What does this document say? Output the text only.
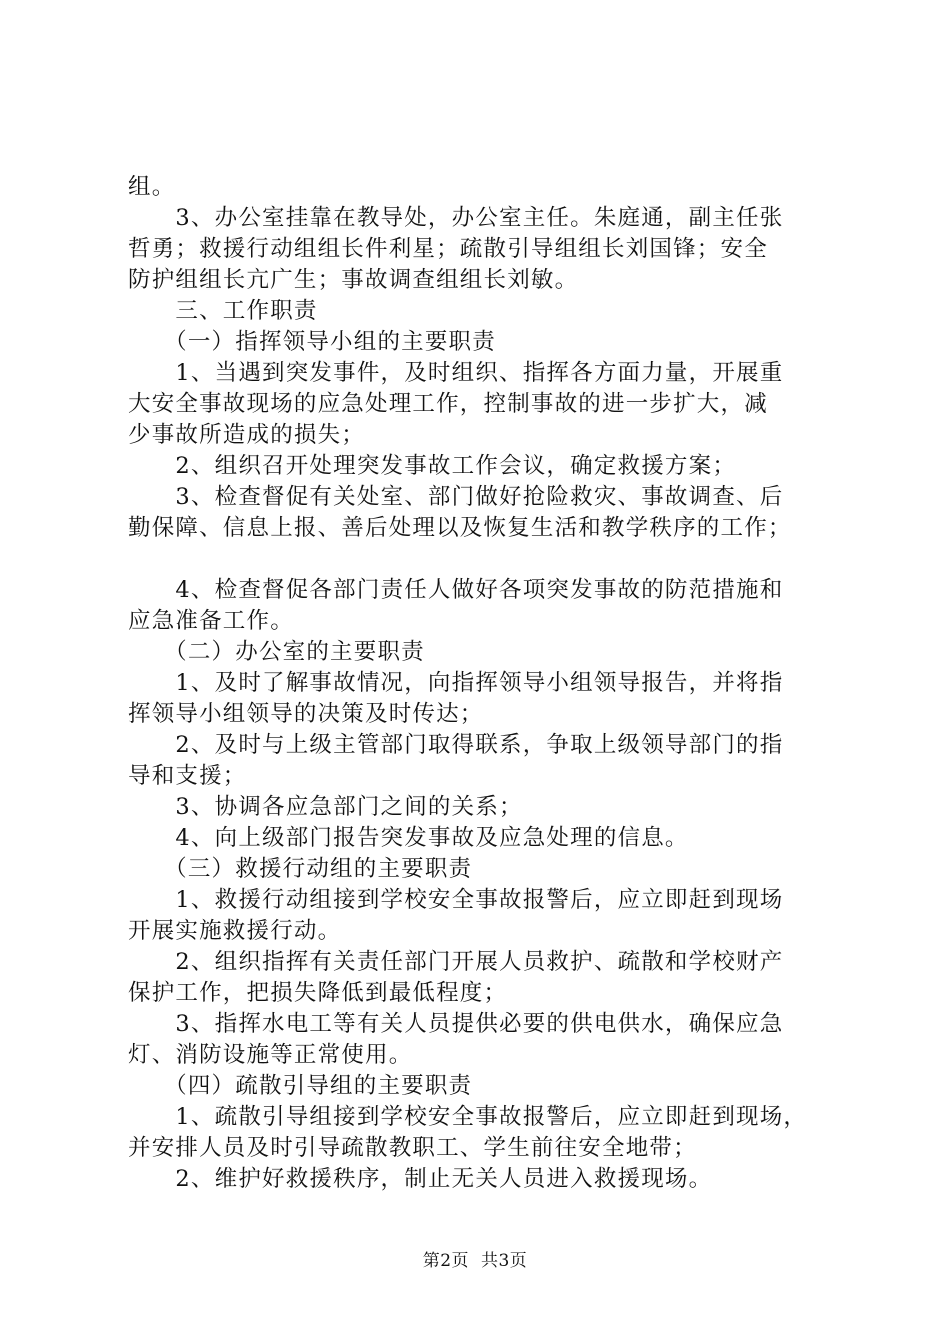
组。
　　3、办公室挂靠在教导处，办公室主任。朱庭通，副主任张
哲勇；救援行动组组长件利星；疏散引导组组长刘国锋；安全
防护组组长亢广生；事故调查组组长刘敏。
　　三、工作职责
　　（一）指挥领导小组的主要职责
　　1、当遇到突发事件，及时组织、指挥各方面力量，开展重
大安全事故现场的应急处理工作，控制事故的进一步扩大，减
少事故所造成的损失；
　　2、组织召开处理突发事故工作会议，确定救援方案；
　　3、检查督促有关处室、部门做好抢险救灾、事故调查、后
勤保障、信息上报、善后处理以及恢复生活和教学秩序的工作；
　　4、检查督促各部门责任人做好各项突发事故的防范措施和
应急准备工作。
　　（二）办公室的主要职责
　　1、及时了解事故情况，向指挥领导小组领导报告，并将指
挥领导小组领导的决策及时传达；
　　2、及时与上级主管部门取得联系，争取上级领导部门的指
导和支援；
　　3、协调各应急部门之间的关系；
　　4、向上级部门报告突发事故及应急处理的信息。
　　（三）救援行动组的主要职责
　　1、救援行动组接到学校安全事故报警后，应立即赶到现场
开展实施救援行动。
　　2、组织指挥有关责任部门开展人员救护、疏散和学校财产
保护工作，把损失降低到最低程度；
　　3、指挥水电工等有关人员提供必要的供电供水，确保应急
灯、消防设施等正常使用。
　　（四）疏散引导组的主要职责
　　1、疏散引导组接到学校安全事故报警后，应立即赶到现场，
并安排人员及时引导疏散教职工、学生前往安全地带；
　　2、维护好救援秩序，制止无关人员进入救援现场。
第2页 共3页
